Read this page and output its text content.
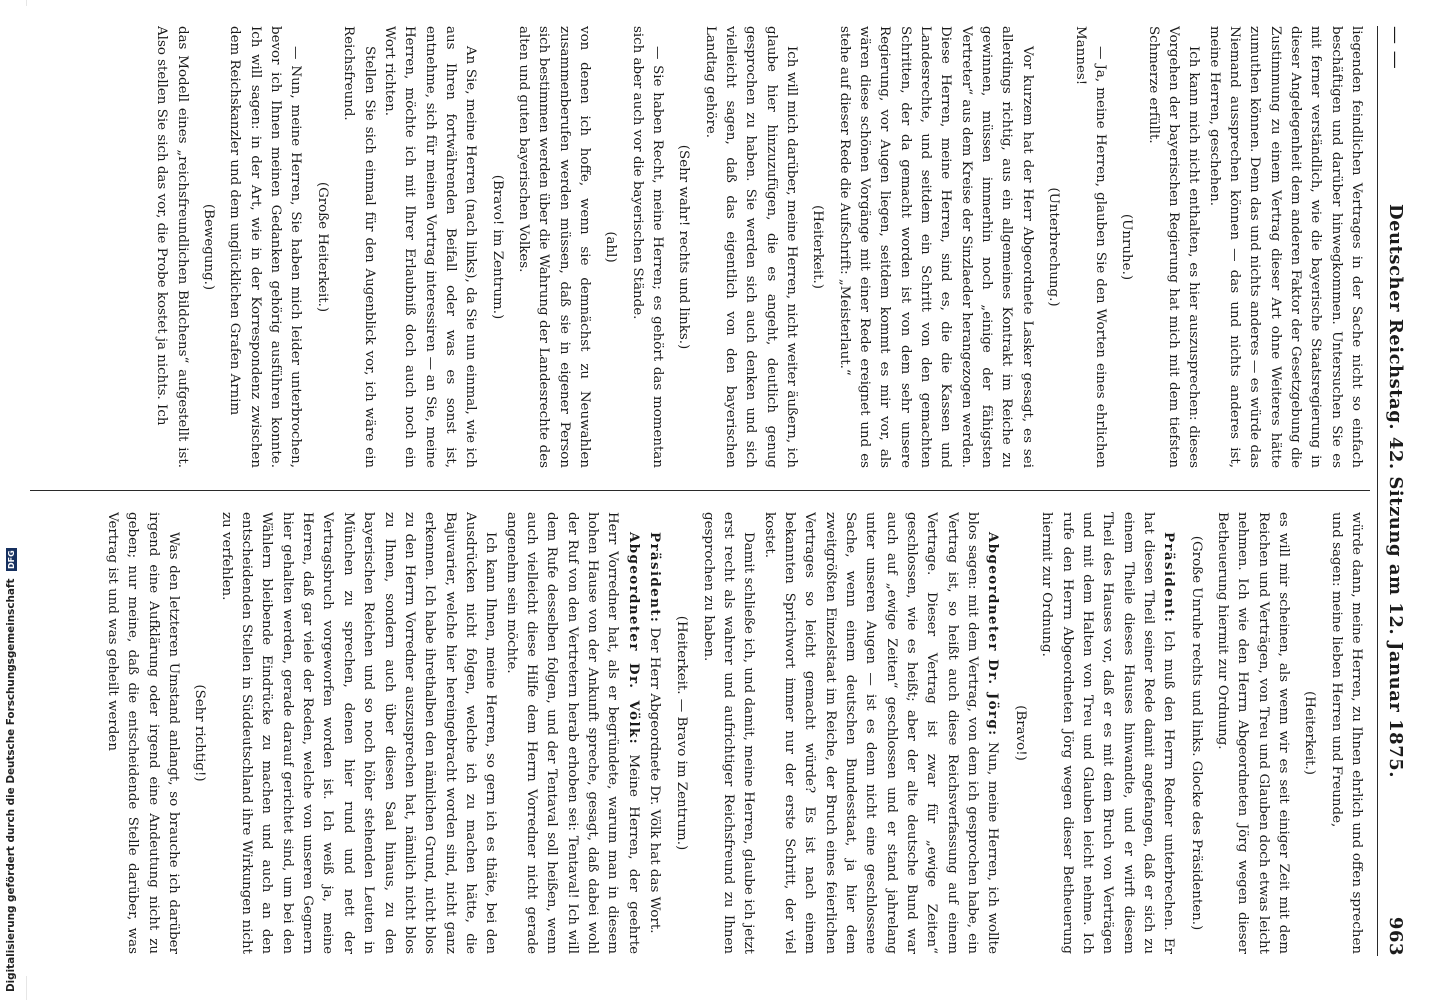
— —
Deutscher Reichstag. 42. Sitzung am 12. Januar 1875.
963

liegenden feindlichen Vertrages in der Sache nicht so einfach beschäftigen und darüber hinwegkommen. Untersuchen Sie es mit ferner verständlich, wie die bayerische Staatsregierung in dieser Angelegenheit dem anderen Faktor der Gesetzgebung die Zustimmung zu einem Vertrag dieser Art ohne Weiteres hätte zumuthen können. Denn das und nichts anderes — es würde das Niemand aussprechen können — das und nichts anderes ist, meine Herren, geschehen.

Ich kann mich nicht enthalten, es hier auszusprechen: dieses Vorgehen der bayerischen Regierung hat mich mit dem tiefsten Schmerze erfüllt.

(Unruhe.)

— Ja, meine Herren, glauben Sie den Worten eines ehrlichen Mannes!

(Unterbrechung.)

Vor kurzem hat der Herr Abgeordnete Lasker gesagt, es sei allerdings richtig, aus ein allgemeines Kontrakt im Reiche zu gewinnen, müssen immerhin noch „einige der fähigsten Vertreter“ aus dem Kreise der Sinzlaeder herangezogen werden. Diese Herren, meine Herren, sind es, die die Kassen und Landesrechte, und seitdem ein Schritt von den gemachten Schritten, der da gemacht worden ist von dem sehr unsere Regierung, vor Augen liegen, seitdem kommt es mir vor, als wären diese schönen Vorgänge mit einer Rede ereignet und es stehe auf dieser Rede die Aufschrift: „Meisterlaut.“

(Heiterkeit.)

Ich will mich darüber, meine Herren, nicht weiter äußern, ich glaube hier hinzuzufügen, die es angeht, deutlich genug gesprochen zu haben. Sie werden sich auch denken und sich vielleicht sagen, daß das eigentlich von den bayerischen Landtag gehöre.

(Sehr wahr! rechts und links.)

— Sie haben Recht, meine Herren; es gehört das momentan sich aber auch vor die bayerischen Stände.

(ahl)

von denen ich hoffe, wenn sie demnächst zu Neuwahlen zusammenberufen werden müssen, daß sie in eigener Person sich bestimmen werden über die Wahrung der Landesrechte des alten und guten bayerischen Volkes.

(Bravo! im Zentrum.)

An Sie, meine Herren (nach links), da Sie nun einmal, wie ich aus Ihren fortwährenden Beifall oder was es sonst ist, entnehme, sich für meinen Vortrag interessiren — an Sie, meine Herren, möchte ich mit Ihrer Erlaubniß doch auch noch ein Wort richten.

Stellen Sie sich einmal für den Augenblick vor, ich wäre ein Reichsfreund.

(Große Heiterkeit.)

— Nun, meine Herren, Sie haben mich leider unterbrochen, bevor ich Ihnen meinen Gedanken gehörig ausführen konnte. Ich will sagen: in der Art, wie in der Korrespondenz zwischen dem Reichskanzler und dem unglücklichen Grafen Arnim

(Bewegung.)

das Modell eines „reichsfreundlichen Bildchens“ aufgestellt ist. Also stellen Sie sich das vor, die Probe kostet ja nichts. Ich

würde dann, meine Herren, zu Ihnen ehrlich und offen sprechen und sagen: meine lieben Herren und Freunde,

(Heiterkeit.)

es will mir scheinen, als wenn wir es seit einiger Zeit mit dem Reichen und Verträgen, von Treu und Glauben doch etwas leicht nehmen. Ich wie den Herrn Abgeordneten Jörg wegen dieser Betheuerung hiermit zur Ordnung.

(Große Unruhe rechts und links. Glocke des Präsidenten.)

Präsident: Ich muß den Herrn Redner unterbrechen. Er hat diesen Theil seiner Rede damit angefangen, daß er sich zu einem Theile dieses Hauses hinwandte, und er wirft diesem Theil des Hauses vor, daß er es mit dem Bruch von Verträgen und mit dem Halten von Treu und Glauben leicht nehme. Ich rufe den Herrn Abgeordneten Jörg wegen dieser Betheuerung hiermit zur Ordnung.

(Bravo!)

Abgeordneter Dr. Jörg: Nun, meine Herren, ich wollte blos sagen: mit dem Vertrag, von dem ich gesprochen habe, ein Vertrag ist, so heißt auch diese Reichsverfassung auf einem Vertrage. Dieser Vertrag ist zwar für „ewige Zeiten“ geschlossen, wie es heißt; aber der alte deutsche Bund war auch auf „ewige Zeiten“ geschlossen und er stand jahrelang unter unseren Augen — ist es denn nicht eine geschlossene Sache, wenn einem deutschen Bundesstaat, ja hier dem zweitgrößten Einzelstaat im Reiche, der Bruch eines feierlichen Vertrages so leicht gemacht würde? Es ist nach einem bekannten Sprichwort immer nur der erste Schritt, der viel kostet.

Damit schließe ich, und damit, meine Herren, glaube ich jetzt erst recht als wahrer und aufrichtiger Reichsfreund zu Ihnen gesprochen zu haben.

(Heiterkeit. — Bravo im Zentrum.)

Präsident: Der Herr Abgeordnete Dr. Völk hat das Wort.

Abgeordneter Dr. Völk: Meine Herren, der geehrte Herr Vorredner hat, als er begründete, warum man in diesem hohen Hause von der Ankunft spreche, gesagt, daß dabei wohl der Ruf von den Vertretern herab erhoben sei: Tentaval! Ich will dem Rufe desselben folgen, und der Tentaval soll heißen, wenn auch vielleicht diese Hilfe dem Herrn Vorredner nicht gerade angenehm sein möchte.

Ich kann Ihnen, meine Herren, so gern ich es thäte, bei den Ausdrücken nicht folgen, welche ich zu machen hätte, die Bajuvarier, welche hier hereingebracht worden sind, nicht ganz erkennen. Ich habe ihrethalben den nämlichen Grund, nicht blos zu den Herrn Vorredner auszusprechen hat, nämlich nicht blos zu Ihnen, sondern auch über diesen Saal hinaus, zu den bayerischen Reichen und so noch höher stehenden Leuten in München zu sprechen, denen hier rund und nett der Vertragsbruch vorgeworfen worden ist. Ich weiß ja, meine Herren, daß gar viele der Reden, welche von unseren Gegnern hier gehalten werden, gerade darauf gerichtet sind, um bei den Wählern bleibende Eindrücke zu machen und auch an den entscheidenden Stellen in Süddeutschland ihre Wirkungen nicht zu verfehlen.

(Sehr richtig!)

Was den letzteren Umstand anlangt, so brauche ich darüber irgend eine Aufklärung oder irgend eine Andeutung nicht zu geben; nur meine, daß die entscheidende Stelle darüber, was Vertrag ist und was geheilt werden

Digitalisierung gefördert durch die Deutsche Forschungsgemeinschaft DFG
